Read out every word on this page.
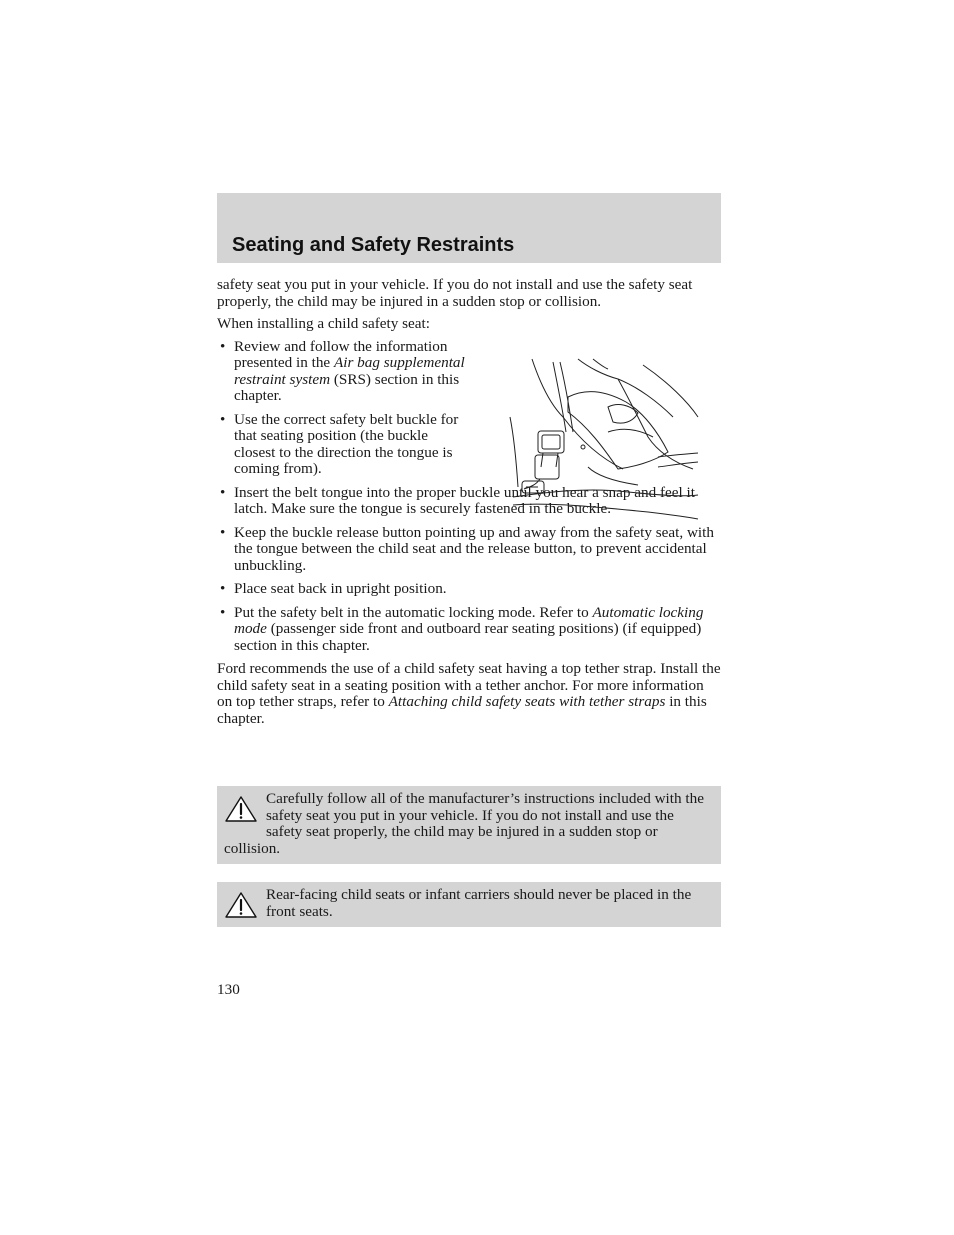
Seating and Safety Restraints

safety seat you put in your vehicle. If you do not install and use the safety seat properly, the child may be injured in a sudden stop or collision.

When installing a child safety seat:

• Review and follow the information presented in the Air bag supplemental restraint system (SRS) section in this chapter.
• Use the correct safety belt buckle for that seating position (the buckle closest to the direction the tongue is coming from).
• Insert the belt tongue into the proper buckle until you hear a snap and feel it latch. Make sure the tongue is securely fastened in the buckle.
• Keep the buckle release button pointing up and away from the safety seat, with the tongue between the child seat and the release button, to prevent accidental unbuckling.
• Place seat back in upright position.
• Put the safety belt in the automatic locking mode. Refer to Automatic locking mode (passenger side front and outboard rear seating positions) (if equipped) section in this chapter.

Ford recommends the use of a child safety seat having a top tether strap. Install the child safety seat in a seating position with a tether anchor. For more information on top tether straps, refer to Attaching child safety seats with tether straps in this chapter.

Carefully follow all of the manufacturer’s instructions included with the safety seat you put in your vehicle. If you do not install and use the safety seat properly, the child may be injured in a sudden stop or collision.

Rear-facing child seats or infant carriers should never be placed in the front seats.

130
